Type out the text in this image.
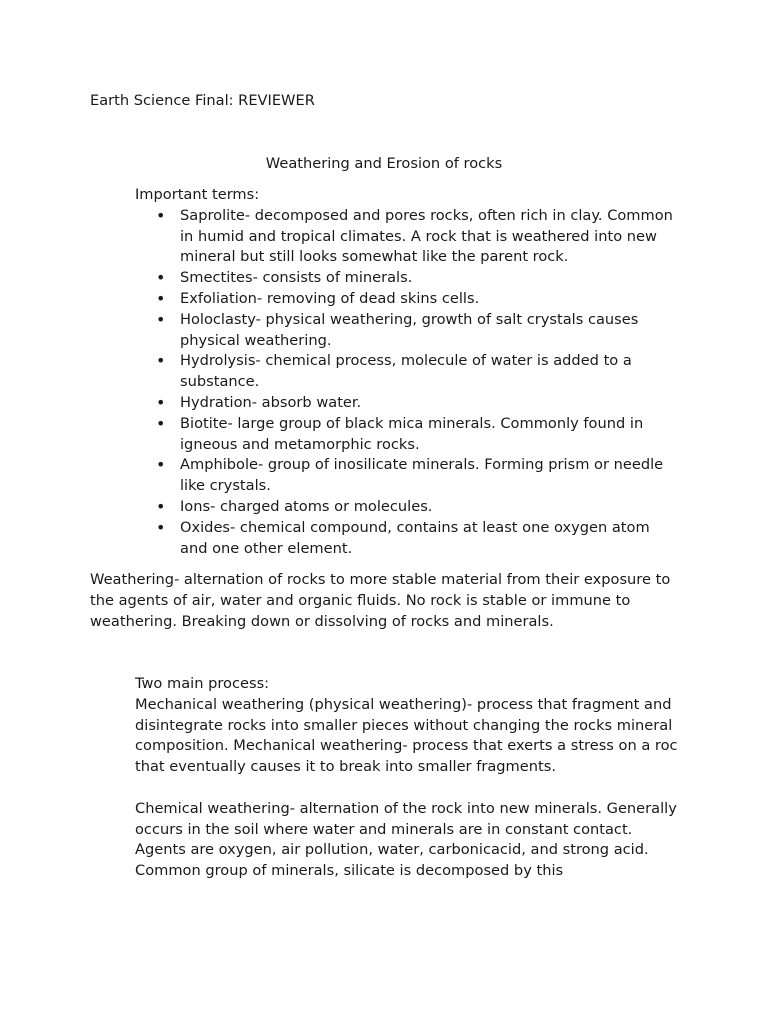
Earth Science Final: REVIEWER
Weathering and Erosion of rocks

Important terms:

• Saprolite- decomposed and pores rocks, often rich in clay. Common in humid and tropical climates. A rock that is weathered into new mineral but still looks somewhat like the parent rock.
• Smectites- consists of minerals.
• Exfoliation- removing of dead skins cells.
• Holoclasty- physical weathering, growth of salt crystals causes physical weathering.
• Hydrolysis- chemical process, molecule of water is added to a substance.
• Hydration- absorb water.
• Biotite- large group of black mica minerals. Commonly found in igneous and metamorphic rocks.
• Amphibole- group of inosilicate minerals. Forming prism or needle like crystals.
• Ions- charged atoms or molecules.
• Oxides- chemical compound, contains at least one oxygen atom and one other element.

Weathering- alternation of rocks to more stable material from their exposure to the agents of air, water and organic fluids. No rock is stable or immune to weathering. Breaking down or dissolving of rocks and minerals.

Two main process:

Mechanical weathering (physical weathering)- process that fragment and disintegrate rocks into smaller pieces without changing the rocks mineral composition. Mechanical weathering- process that exerts a stress on a roc that eventually causes it to break into smaller fragments.

Chemical weathering- alternation of the rock into new minerals. Generally occurs in the soil where water and minerals are in constant contact. Agents are oxygen, air pollution, water, carbonicacid, and strong acid. Common group of minerals, silicate is decomposed by this
